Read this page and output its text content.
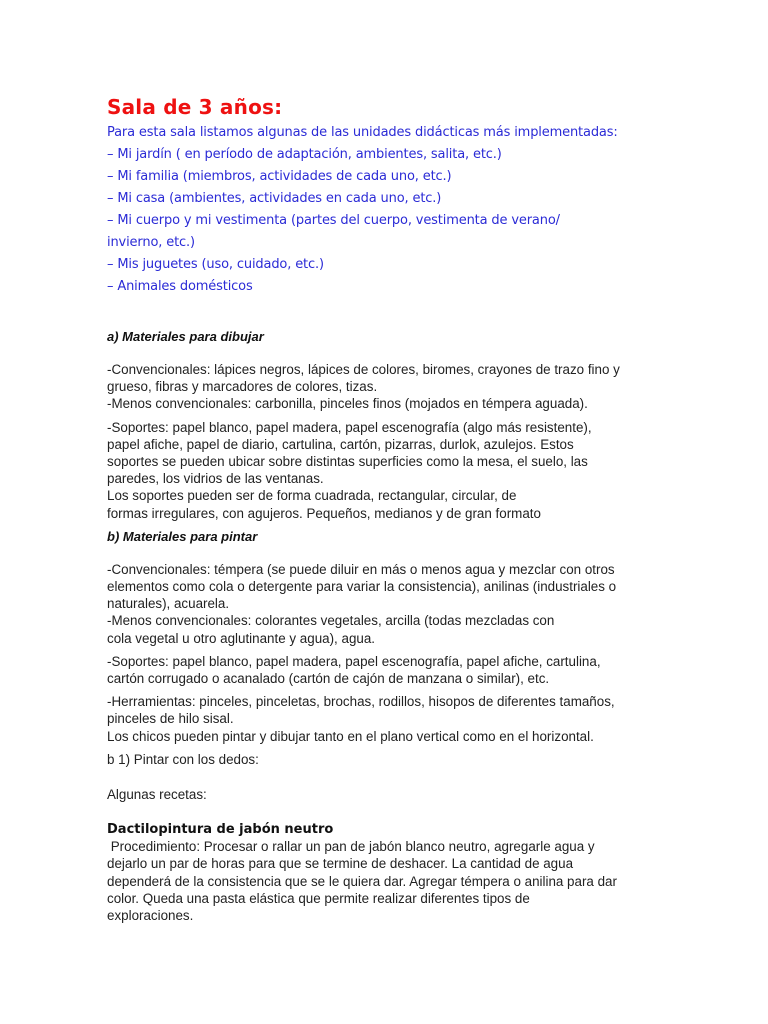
Sala de 3 años:

Para esta sala listamos algunas de las unidades didácticas más implementadas:

– Mi jardín ( en período de adaptación, ambientes, salita, etc.)

– Mi familia (miembros, actividades de cada uno, etc.)

– Mi casa (ambientes, actividades en cada uno, etc.)

– Mi cuerpo y mi vestimenta (partes del cuerpo, vestimenta de verano/

invierno, etc.)

– Mis juguetes (uso, cuidado, etc.)

– Animales domésticos

a) Materiales para dibujar

-Convencionales: lápices negros, lápices de colores, biromes, crayones de trazo fino y

grueso, fibras y marcadores de colores, tizas.

-Menos convencionales: carbonilla, pinceles finos (mojados en témpera aguada).

-Soportes: papel blanco, papel madera, papel escenografía (algo más resistente),

papel afiche, papel de diario, cartulina, cartón, pizarras, durlok, azulejos. Estos

soportes se pueden ubicar sobre distintas superficies como la mesa, el suelo, las

paredes, los vidrios de las ventanas.

Los soportes pueden ser de forma cuadrada, rectangular, circular, de

formas irregulares, con agujeros. Pequeños, medianos y de gran formato

b) Materiales para pintar

-Convencionales: témpera (se puede diluir en más o menos agua y mezclar con otros

elementos como cola o detergente para variar la consistencia), anilinas (industriales o

naturales), acuarela.

-Menos convencionales: colorantes vegetales, arcilla (todas mezcladas con

cola vegetal u otro aglutinante y agua), agua.

-Soportes: papel blanco, papel madera, papel escenografía, papel afiche, cartulina,

cartón corrugado o acanalado (cartón de cajón de manzana o similar), etc.

-Herramientas: pinceles, pinceletas, brochas, rodillos, hisopos de diferentes tamaños,

pinceles de hilo sisal.

Los chicos pueden pintar y dibujar tanto en el plano vertical como en el horizontal.

b 1) Pintar con los dedos:

Algunas recetas:

Dactilopintura de jabón neutro

Procedimiento: Procesar o rallar un pan de jabón blanco neutro, agregarle agua y

dejarlo un par de horas para que se termine de deshacer. La cantidad de agua

dependerá de la consistencia que se le quiera dar. Agregar témpera o anilina para dar

color. Queda una pasta elástica que permite realizar diferentes tipos de

exploraciones.
